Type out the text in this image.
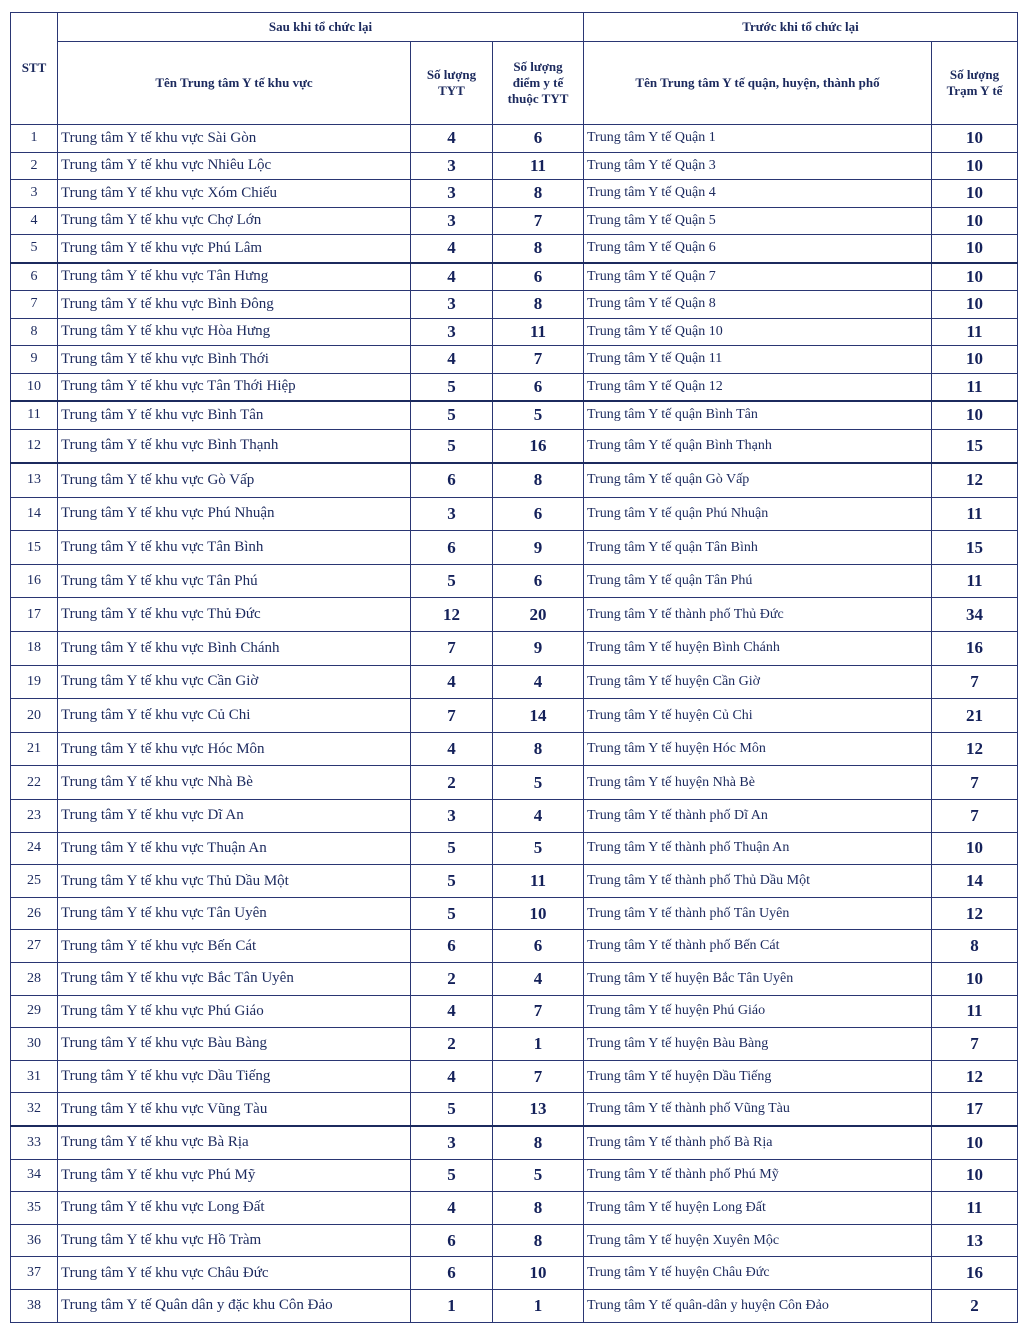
STT	Sau khi tổ chức lại			Trước khi tổ chức lại	
	Tên Trung tâm Y tế khu vực	Số lượng TYT	Số lượng điểm y tế thuộc TYT	Tên Trung tâm Y tế quận, huyện, thành phố	Số lượng Trạm Y tế
1	Trung tâm Y tế khu vực Sài Gòn	4	6	Trung tâm Y tế Quận 1	10
2	Trung tâm Y tế khu vực Nhiêu Lộc	3	11	Trung tâm Y tế Quận 3	10
3	Trung tâm Y tế khu vực Xóm Chiếu	3	8	Trung tâm Y tế Quận 4	10
4	Trung tâm Y tế khu vực Chợ Lớn	3	7	Trung tâm Y tế Quận 5	10
5	Trung tâm Y tế khu vực Phú Lâm	4	8	Trung tâm Y tế Quận 6	10
6	Trung tâm Y tế khu vực Tân Hưng	4	6	Trung tâm Y tế Quận 7	10
7	Trung tâm Y tế khu vực Bình Đông	3	8	Trung tâm Y tế Quận 8	10
8	Trung tâm Y tế khu vực Hòa Hưng	3	11	Trung tâm Y tế Quận 10	11
9	Trung tâm Y tế khu vực Bình Thới	4	7	Trung tâm Y tế Quận 11	10
10	Trung tâm Y tế khu vực Tân Thới Hiệp	5	6	Trung tâm Y tế Quận 12	11
11	Trung tâm Y tế khu vực Bình Tân	5	5	Trung tâm Y tế quận Bình Tân	10
12	Trung tâm Y tế khu vực Bình Thạnh	5	16	Trung tâm Y tế quận Bình Thạnh	15
13	Trung tâm Y tế khu vực Gò Vấp	6	8	Trung tâm Y tế quận Gò Vấp	12
14	Trung tâm Y tế khu vực Phú Nhuận	3	6	Trung tâm Y tế quận Phú Nhuận	11
15	Trung tâm Y tế khu vực Tân Bình	6	9	Trung tâm Y tế quận Tân Bình	15
16	Trung tâm Y tế khu vực Tân Phú	5	6	Trung tâm Y tế quận Tân Phú	11
17	Trung tâm Y tế khu vực Thủ Đức	12	20	Trung tâm Y tế thành phố Thủ Đức	34
18	Trung tâm Y tế khu vực Bình Chánh	7	9	Trung tâm Y tế huyện Bình Chánh	16
19	Trung tâm Y tế khu vực Cần Giờ	4	4	Trung tâm Y tế huyện Cần Giờ	7
20	Trung tâm Y tế khu vực Củ Chi	7	14	Trung tâm Y tế huyện Củ Chi	21
21	Trung tâm Y tế khu vực Hóc Môn	4	8	Trung tâm Y tế huyện Hóc Môn	12
22	Trung tâm Y tế khu vực Nhà Bè	2	5	Trung tâm Y tế huyện Nhà Bè	7
23	Trung tâm Y tế khu vực Dĩ An	3	4	Trung tâm Y tế thành phố Dĩ An	7
24	Trung tâm Y tế khu vực Thuận An	5	5	Trung tâm Y tế thành phố Thuận An	10
25	Trung tâm Y tế khu vực Thủ Dầu Một	5	11	Trung tâm Y tế thành phố Thủ Dầu Một	14
26	Trung tâm Y tế khu vực Tân Uyên	5	10	Trung tâm Y tế thành phố Tân Uyên	12
27	Trung tâm Y tế khu vực Bến Cát	6	6	Trung tâm Y tế thành phố Bến Cát	8
28	Trung tâm Y tế khu vực Bắc Tân Uyên	2	4	Trung tâm Y tế huyện Bắc Tân Uyên	10
29	Trung tâm Y tế khu vực Phú Giáo	4	7	Trung tâm Y tế huyện Phú Giáo	11
30	Trung tâm Y tế khu vực Bàu Bàng	2	1	Trung tâm Y tế huyện Bàu Bàng	7
31	Trung tâm Y tế khu vực Dầu Tiếng	4	7	Trung tâm Y tế huyện Dầu Tiếng	12
32	Trung tâm Y tế khu vực Vũng Tàu	5	13	Trung tâm Y tế thành phố Vũng Tàu	17
33	Trung tâm Y tế khu vực Bà Rịa	3	8	Trung tâm Y tế thành phố Bà Rịa	10
34	Trung tâm Y tế khu vực Phú Mỹ	5	5	Trung tâm Y tế thành phố Phú Mỹ	10
35	Trung tâm Y tế khu vực Long Đất	4	8	Trung tâm Y tế huyện Long Đất	11
36	Trung tâm Y tế khu vực Hồ Tràm	6	8	Trung tâm Y tế huyện Xuyên Mộc	13
37	Trung tâm Y tế khu vực Châu Đức	6	10	Trung tâm Y tế huyện Châu Đức	16
38	Trung tâm Y tế Quân dân y đặc khu Côn Đảo	1	1	Trung tâm Y tế quân-dân y huyện Côn Đảo	2
